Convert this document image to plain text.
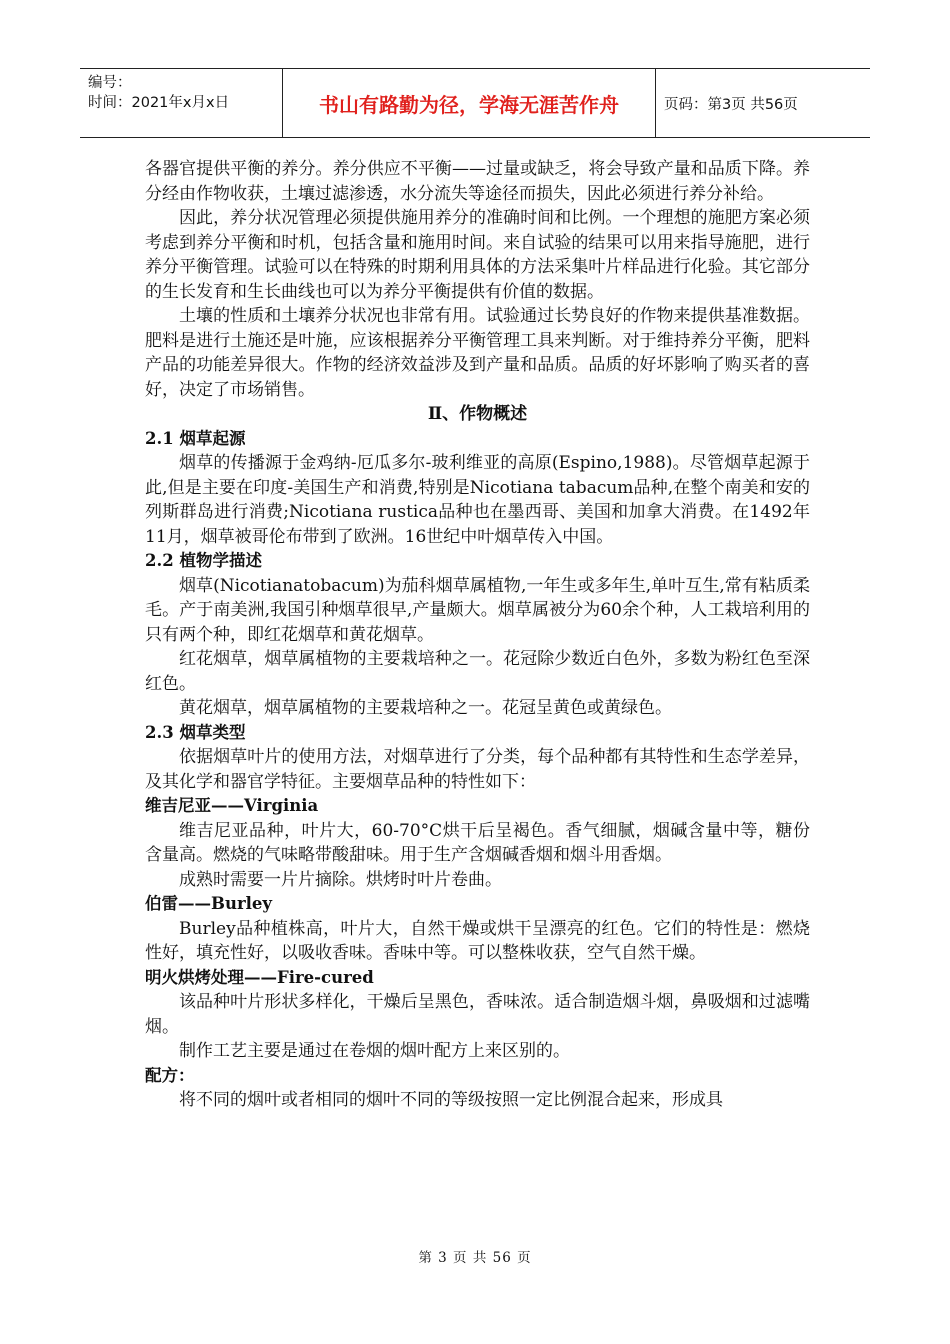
编号：
时间：2021年x月x日	书山有路勤为径，学海无涯苦作舟	页码：第3页 共56页

各器官提供平衡的养分。养分供应不平衡——过量或缺乏，将会导致产量和品质下降。养分经由作物收获，土壤过滤渗透，水分流失等途径而损失，因此必须进行养分补给。

因此，养分状况管理必须提供施用养分的准确时间和比例。一个理想的施肥方案必须考虑到养分平衡和时机，包括含量和施用时间。来自试验的结果可以用来指导施肥，进行养分平衡管理。试验可以在特殊的时期利用具体的方法采集叶片样品进行化验。其它部分的生长发育和生长曲线也可以为养分平衡提供有价值的数据。

土壤的性质和土壤养分状况也非常有用。试验通过长势良好的作物来提供基准数据。肥料是进行土施还是叶施，应该根据养分平衡管理工具来判断。对于维持养分平衡，肥料产品的功能差异很大。作物的经济效益涉及到产量和品质。品质的好坏影响了购买者的喜好，决定了市场销售。

Ⅱ、作物概述

2.1 烟草起源

烟草的传播源于金鸡纳-厄瓜多尔-玻利维亚的高原(Espino,1988)。尽管烟草起源于此,但是主要在印度-美国生产和消费,特别是Nicotiana tabacum品种,在整个南美和安的列斯群岛进行消费;Nicotiana rustica品种也在墨西哥、美国和加拿大消费。在1492年11月，烟草被哥伦布带到了欧洲。16世纪中叶烟草传入中国。

2.2 植物学描述

烟草(Nicotianatobacum)为茄科烟草属植物,一年生或多年生,单叶互生,常有粘质柔毛。产于南美洲,我国引种烟草很早,产量颇大。烟草属被分为60余个种，人工栽培利用的只有两个种，即红花烟草和黄花烟草。

红花烟草，烟草属植物的主要栽培种之一。花冠除少数近白色外，多数为粉红色至深红色。

黄花烟草，烟草属植物的主要栽培种之一。花冠呈黄色或黄绿色。

2.3 烟草类型

依据烟草叶片的使用方法，对烟草进行了分类，每个品种都有其特性和生态学差异，及其化学和器官学特征。主要烟草品种的特性如下：

维吉尼亚——Virginia

维吉尼亚品种，叶片大，60-70°C烘干后呈褐色。香气细腻，烟碱含量中等，糖份含量高。燃烧的气味略带酸甜味。用于生产含烟碱香烟和烟斗用香烟。

成熟时需要一片片摘除。烘烤时叶片卷曲。

伯雷——Burley

Burley品种植株高，叶片大，自然干燥或烘干呈漂亮的红色。它们的特性是：燃烧性好，填充性好，以吸收香味。香味中等。可以整株收获，空气自然干燥。

明火烘烤处理——Fire-cured

该品种叶片形状多样化，干燥后呈黑色，香味浓。适合制造烟斗烟，鼻吸烟和过滤嘴烟。

制作工艺主要是通过在卷烟的烟叶配方上来区别的。

配方：

将不同的烟叶或者相同的烟叶不同的等级按照一定比例混合起来，形成具

第 3 页 共 56 页
